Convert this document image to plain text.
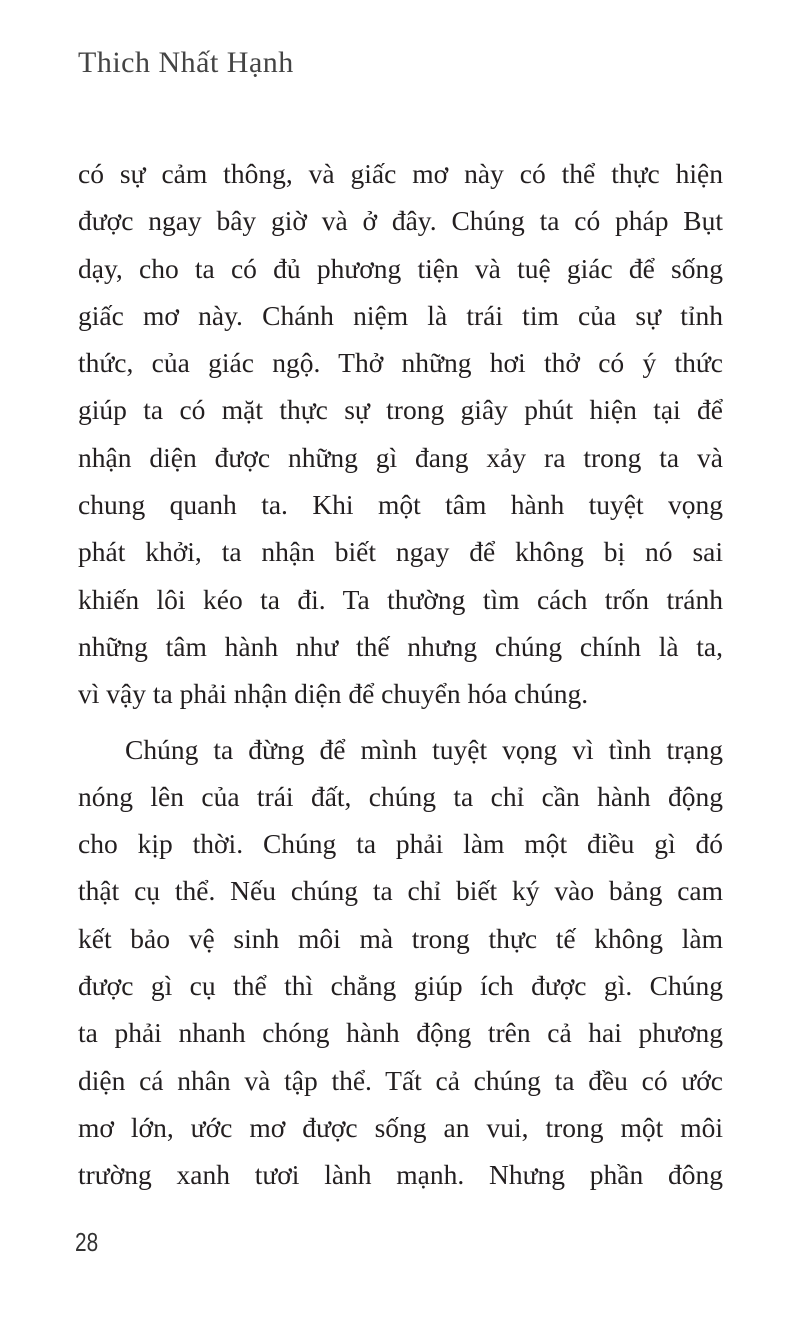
Thich Nhất Hạnh
có sự cảm thông, và giấc mơ này có thể thực hiện
được ngay bây giờ và ở đây. Chúng ta có pháp Bụt
dạy, cho ta có đủ phương tiện và tuệ giác để sống
giấc mơ này. Chánh niệm là trái tim của sự tỉnh
thức, của giác ngộ. Thở những hơi thở có ý thức
giúp ta có mặt thực sự trong giây phút hiện tại để
nhận diện được những gì đang xảy ra trong ta và
chung quanh ta. Khi một tâm hành tuyệt vọng
phát khởi, ta nhận biết ngay để không bị nó sai
khiến lôi kéo ta đi. Ta thường tìm cách trốn tránh
những tâm hành như thế nhưng chúng chính là ta,
vì vậy ta phải nhận diện để chuyển hóa chúng.
Chúng ta đừng để mình tuyệt vọng vì tình trạng
nóng lên của trái đất, chúng ta chỉ cần hành động
cho kịp thời. Chúng ta phải làm một điều gì đó
thật cụ thể. Nếu chúng ta chỉ biết ký vào bảng cam
kết bảo vệ sinh môi mà trong thực tế không làm
được gì cụ thể thì chẳng giúp ích được gì. Chúng
ta phải nhanh chóng hành động trên cả hai phương
diện cá nhân và tập thể. Tất cả chúng ta đều có ước
mơ lớn, ước mơ được sống an vui, trong một môi
trường xanh tươi lành mạnh. Nhưng phần đông
28
